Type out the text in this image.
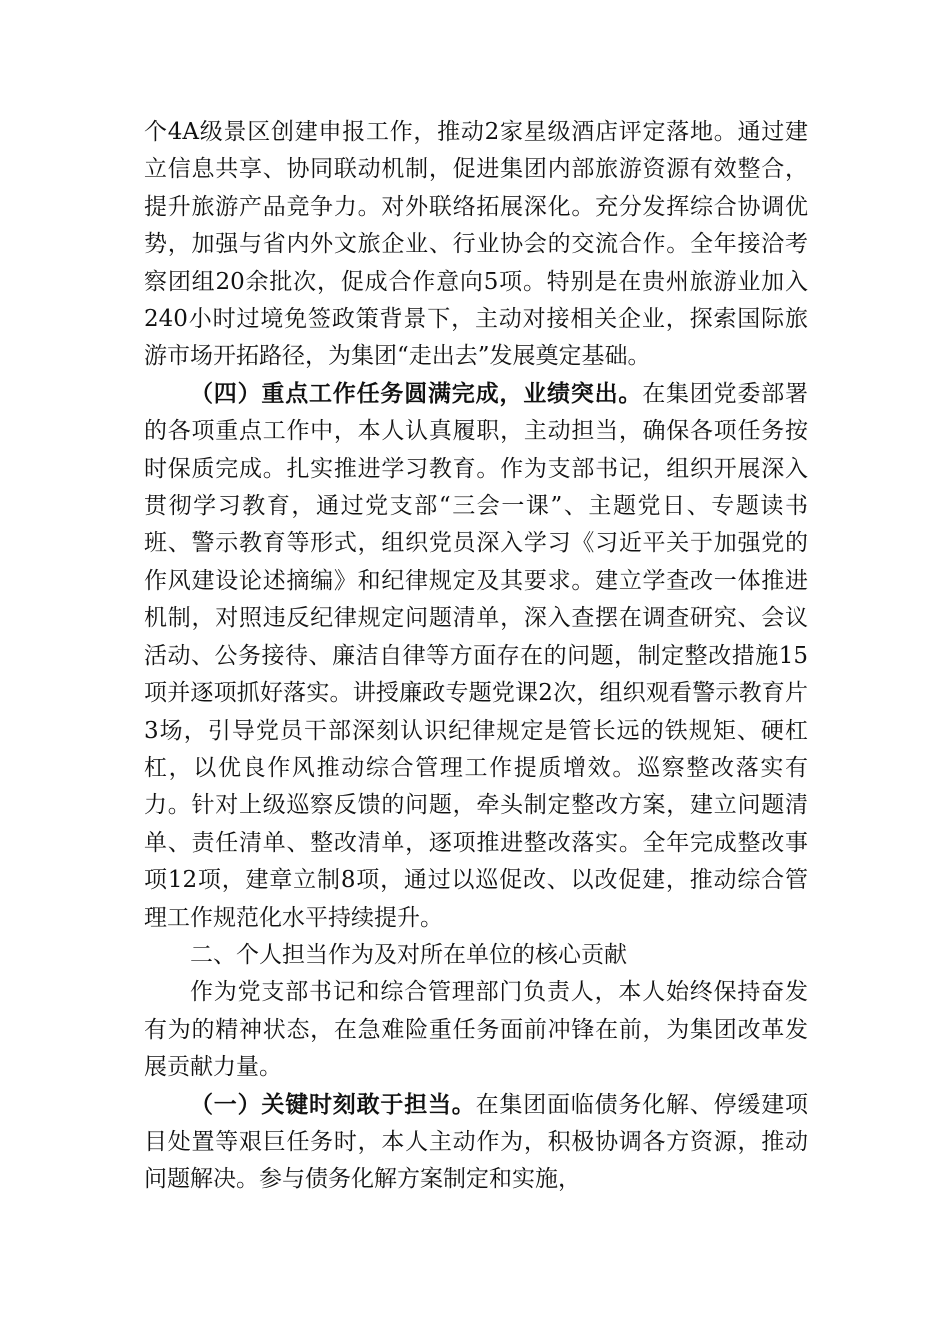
个4A级景区创建申报工作，推动2家星级酒店评定落地。通过建立信息共享、协同联动机制，促进集团内部旅游资源有效整合，提升旅游产品竞争力。对外联络拓展深化。充分发挥综合协调优势，加强与省内外文旅企业、行业协会的交流合作。全年接洽考察团组20余批次，促成合作意向5项。特别是在贵州旅游业加入240小时过境免签政策背景下，主动对接相关企业，探索国际旅游市场开拓路径，为集团“走出去”发展奠定基础。

（四）重点工作任务圆满完成，业绩突出。在集团党委部署的各项重点工作中，本人认真履职，主动担当，确保各项任务按时保质完成。扎实推进学习教育。作为支部书记，组织开展深入贯彻学习教育，通过党支部“三会一课”、主题党日、专题读书班、警示教育等形式，组织党员深入学习《习近平关于加强党的作风建设论述摘编》和纪律规定及其要求。建立学查改一体推进机制，对照违反纪律规定问题清单，深入查摆在调查研究、会议活动、公务接待、廉洁自律等方面存在的问题，制定整改措施15项并逐项抓好落实。讲授廉政专题党课2次，组织观看警示教育片3场，引导党员干部深刻认识纪律规定是管长远的铁规矩、硬杠杠，以优良作风推动综合管理工作提质增效。巡察整改落实有力。针对上级巡察反馈的问题，牵头制定整改方案，建立问题清单、责任清单、整改清单，逐项推进整改落实。全年完成整改事项12项，建章立制8项，通过以巡促改、以改促建，推动综合管理工作规范化水平持续提升。

二、个人担当作为及对所在单位的核心贡献

作为党支部书记和综合管理部门负责人，本人始终保持奋发有为的精神状态，在急难险重任务面前冲锋在前，为集团改革发展贡献力量。

（一）关键时刻敢于担当。在集团面临债务化解、停缓建项目处置等艰巨任务时，本人主动作为，积极协调各方资源，推动问题解决。参与债务化解方案制定和实施，
